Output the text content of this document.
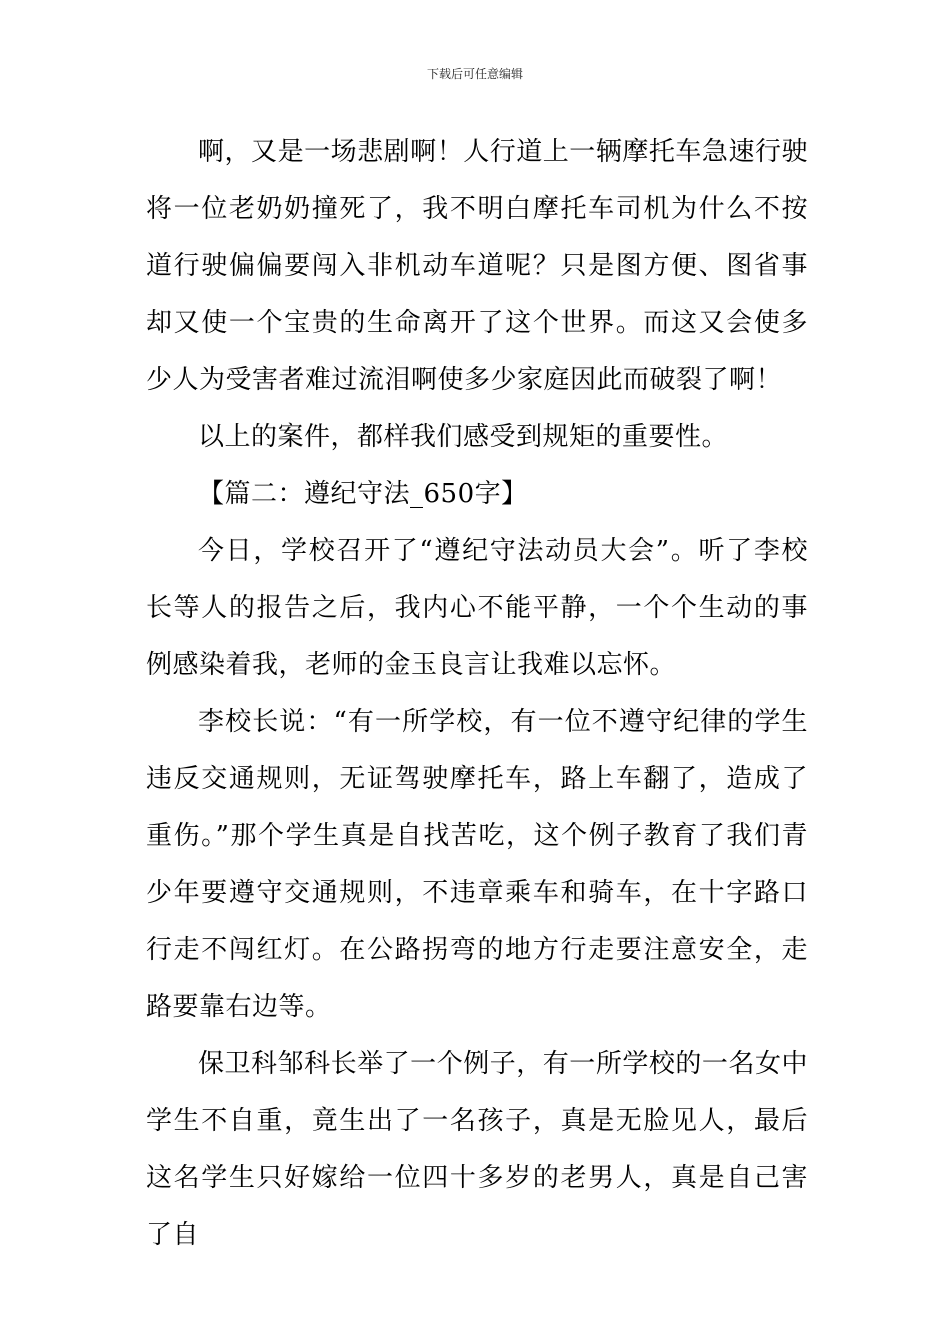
下载后可任意编辑

啊，又是一场悲剧啊！人行道上一辆摩托车急速行驶将一位老奶奶撞死了，我不明白摩托车司机为什么不按道行驶偏偏要闯入非机动车道呢？只是图方便、图省事却又使一个宝贵的生命离开了这个世界。而这又会使多少人为受害者难过流泪啊使多少家庭因此而破裂了啊！

以上的案件，都样我们感受到规矩的重要性。

【篇二：遵纪守法_650字】

今日，学校召开了“遵纪守法动员大会”。听了李校长等人的报告之后，我内心不能平静，一个个生动的事例感染着我，老师的金玉良言让我难以忘怀。

李校长说：“有一所学校，有一位不遵守纪律的学生违反交通规则，无证驾驶摩托车，路上车翻了，造成了重伤。”那个学生真是自找苦吃，这个例子教育了我们青少年要遵守交通规则，不违章乘车和骑车，在十字路口行走不闯红灯。在公路拐弯的地方行走要注意安全，走路要靠右边等。

保卫科邹科长举了一个例子，有一所学校的一名女中学生不自重，竟生出了一名孩子，真是无脸见人，最后这名学生只好嫁给一位四十多岁的老男人，真是自己害了自
